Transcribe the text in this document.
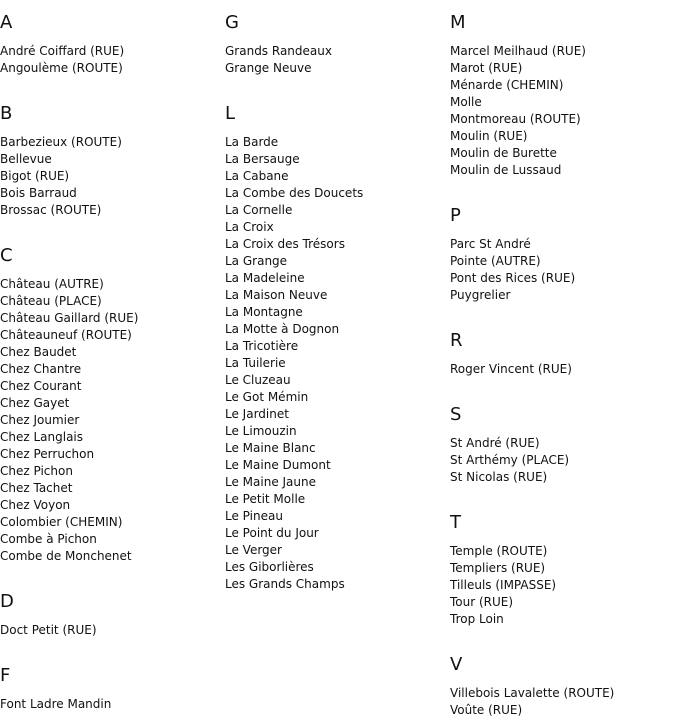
A
André Coiffard (RUE)
Angoulème (ROUTE)
B
Barbezieux (ROUTE)
Bellevue
Bigot (RUE)
Bois Barraud
Brossac (ROUTE)
C
Château (AUTRE)
Château (PLACE)
Château Gaillard (RUE)
Châteauneuf (ROUTE)
Chez Baudet
Chez Chantre
Chez Courant
Chez Gayet
Chez Joumier
Chez Langlais
Chez Perruchon
Chez Pichon
Chez Tachet
Chez Voyon
Colombier (CHEMIN)
Combe à Pichon
Combe de Monchenet
D
Doct Petit (RUE)
F
Font Ladre Mandin
G
Grands Randeaux
Grange Neuve
L
La Barde
La Bersauge
La Cabane
La Combe des Doucets
La Cornelle
La Croix
La Croix des Trésors
La Grange
La Madeleine
La Maison Neuve
La Montagne
La Motte à Dognon
La Tricotière
La Tuilerie
Le Cluzeau
Le Got Mémin
Le Jardinet
Le Limouzin
Le Maine Blanc
Le Maine Dumont
Le Maine Jaune
Le Petit Molle
Le Pineau
Le Point du Jour
Le Verger
Les Giborlières
Les Grands Champs
M
Marcel Meilhaud (RUE)
Marot (RUE)
Ménarde (CHEMIN)
Molle
Montmoreau (ROUTE)
Moulin (RUE)
Moulin de Burette
Moulin de Lussaud
P
Parc St André
Pointe (AUTRE)
Pont des Rices (RUE)
Puygrelier
R
Roger Vincent (RUE)
S
St André (RUE)
St Arthémy (PLACE)
St Nicolas (RUE)
T
Temple (ROUTE)
Templiers (RUE)
Tilleuls (IMPASSE)
Tour (RUE)
Trop Loin
V
Villebois Lavalette (ROUTE)
Voûte (RUE)
